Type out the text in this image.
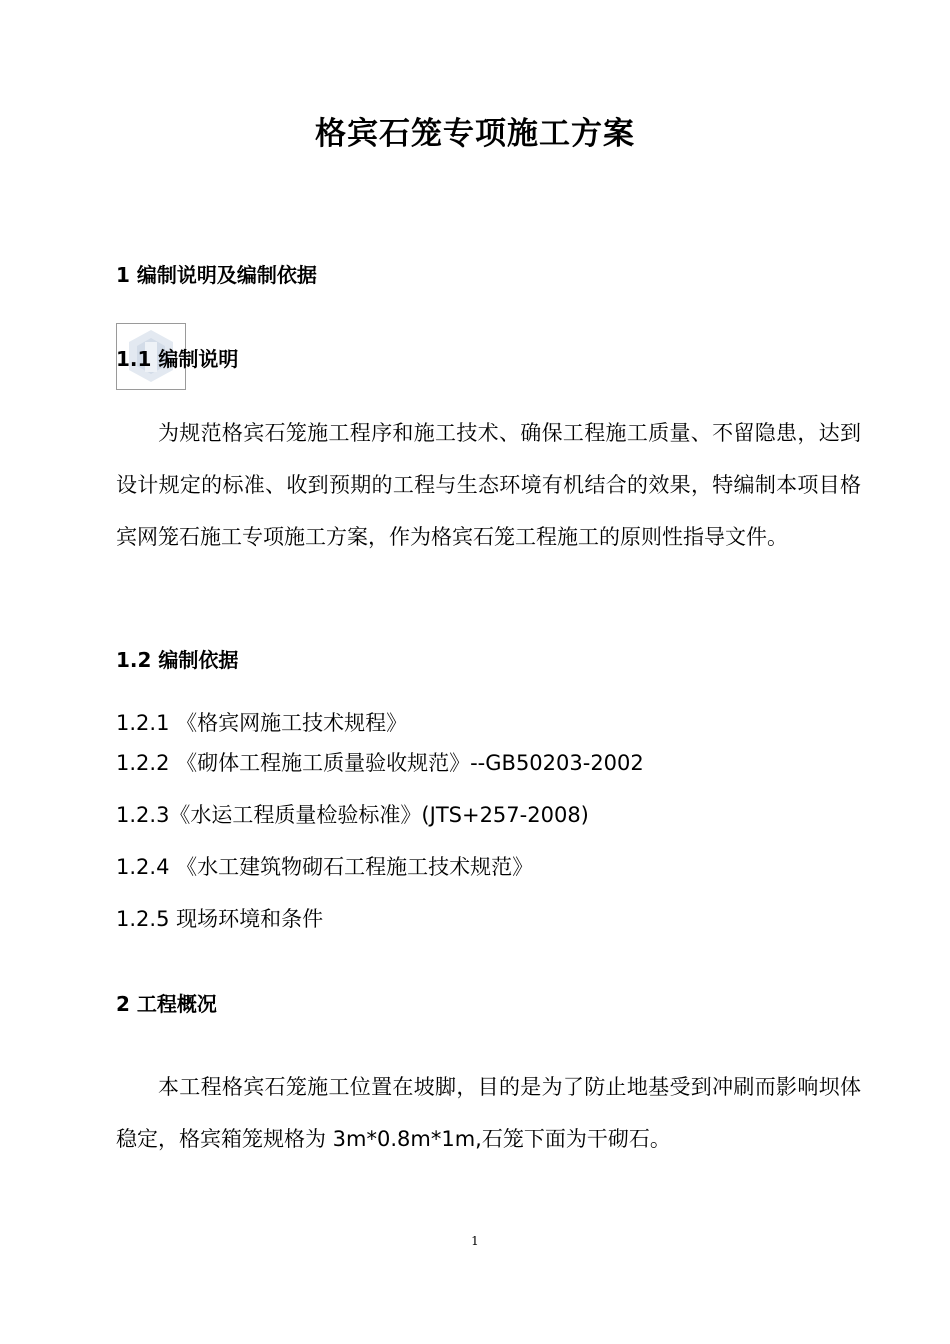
格宾石笼专项施工方案
1 编制说明及编制依据
1.1 编制说明
为规范格宾石笼施工程序和施工技术、确保工程施工质量、不留隐患，达到设计规定的标准、收到预期的工程与生态环境有机结合的效果，特编制本项目格宾网笼石施工专项施工方案，作为格宾石笼工程施工的原则性指导文件。
1.2 编制依据
1.2.1 《格宾网施工技术规程》
1.2.2 《砌体工程施工质量验收规范》--GB50203-2002
1.2.3《水运工程质量检验标准》(JTS+257-2008)
1.2.4 《水工建筑物砌石工程施工技术规范》
1.2.5 现场环境和条件
2 工程概况
本工程格宾石笼施工位置在坡脚，目的是为了防止地基受到冲刷而影响坝体稳定，格宾箱笼规格为 3m*0.8m*1m,石笼下面为干砌石。
1
